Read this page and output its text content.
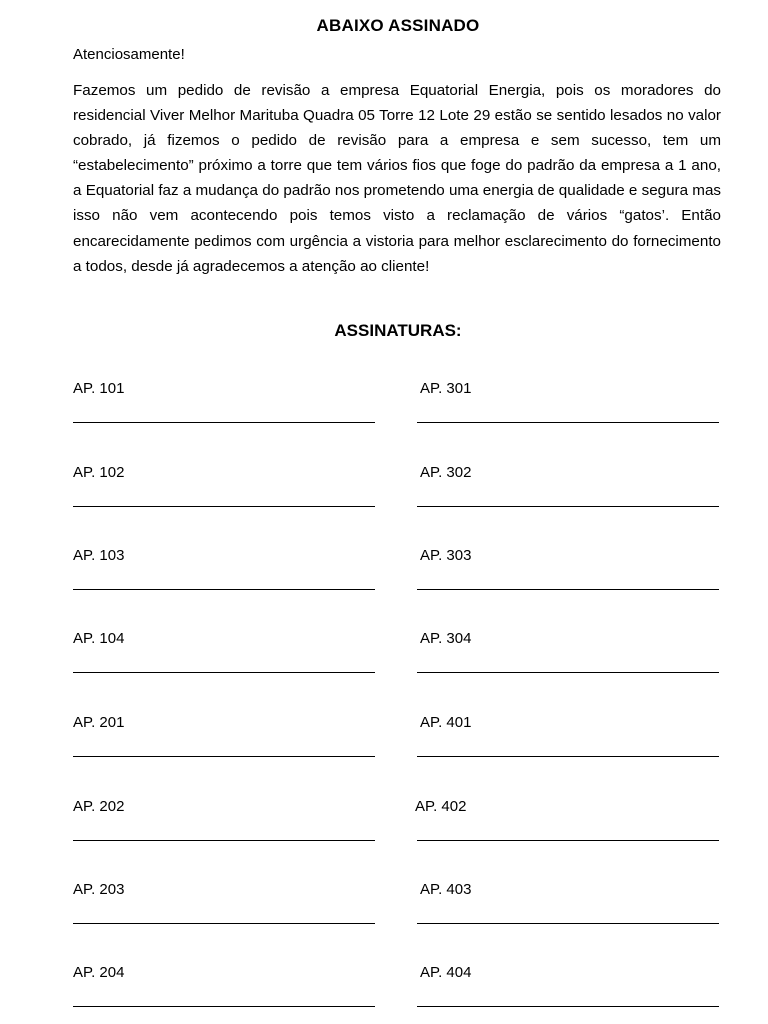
ABAIXO ASSINADO
Atenciosamente!
Fazemos um pedido de revisão a empresa Equatorial Energia, pois os moradores do residencial Viver Melhor Marituba Quadra 05 Torre 12 Lote 29 estão se sentido lesados no valor cobrado, já fizemos o pedido de revisão para a empresa e sem sucesso, tem um “estabelecimento” próximo a torre que tem vários fios que foge do padrão da empresa a 1 ano, a Equatorial faz a mudança do padrão nos prometendo uma energia de qualidade e segura mas isso não vem acontecendo pois temos visto a reclamação de vários “gatos’. Então encarecidamente pedimos com urgência a vistoria para melhor esclarecimento do fornecimento a todos, desde já agradecemos a atenção ao cliente!
ASSINATURAS:
AP. 101
AP. 102
AP. 103
AP. 104
AP. 201
AP. 202
AP. 203
AP. 204
AP. 301
AP. 302
AP. 303
AP. 304
AP. 401
AP. 402
AP. 403
AP. 404
